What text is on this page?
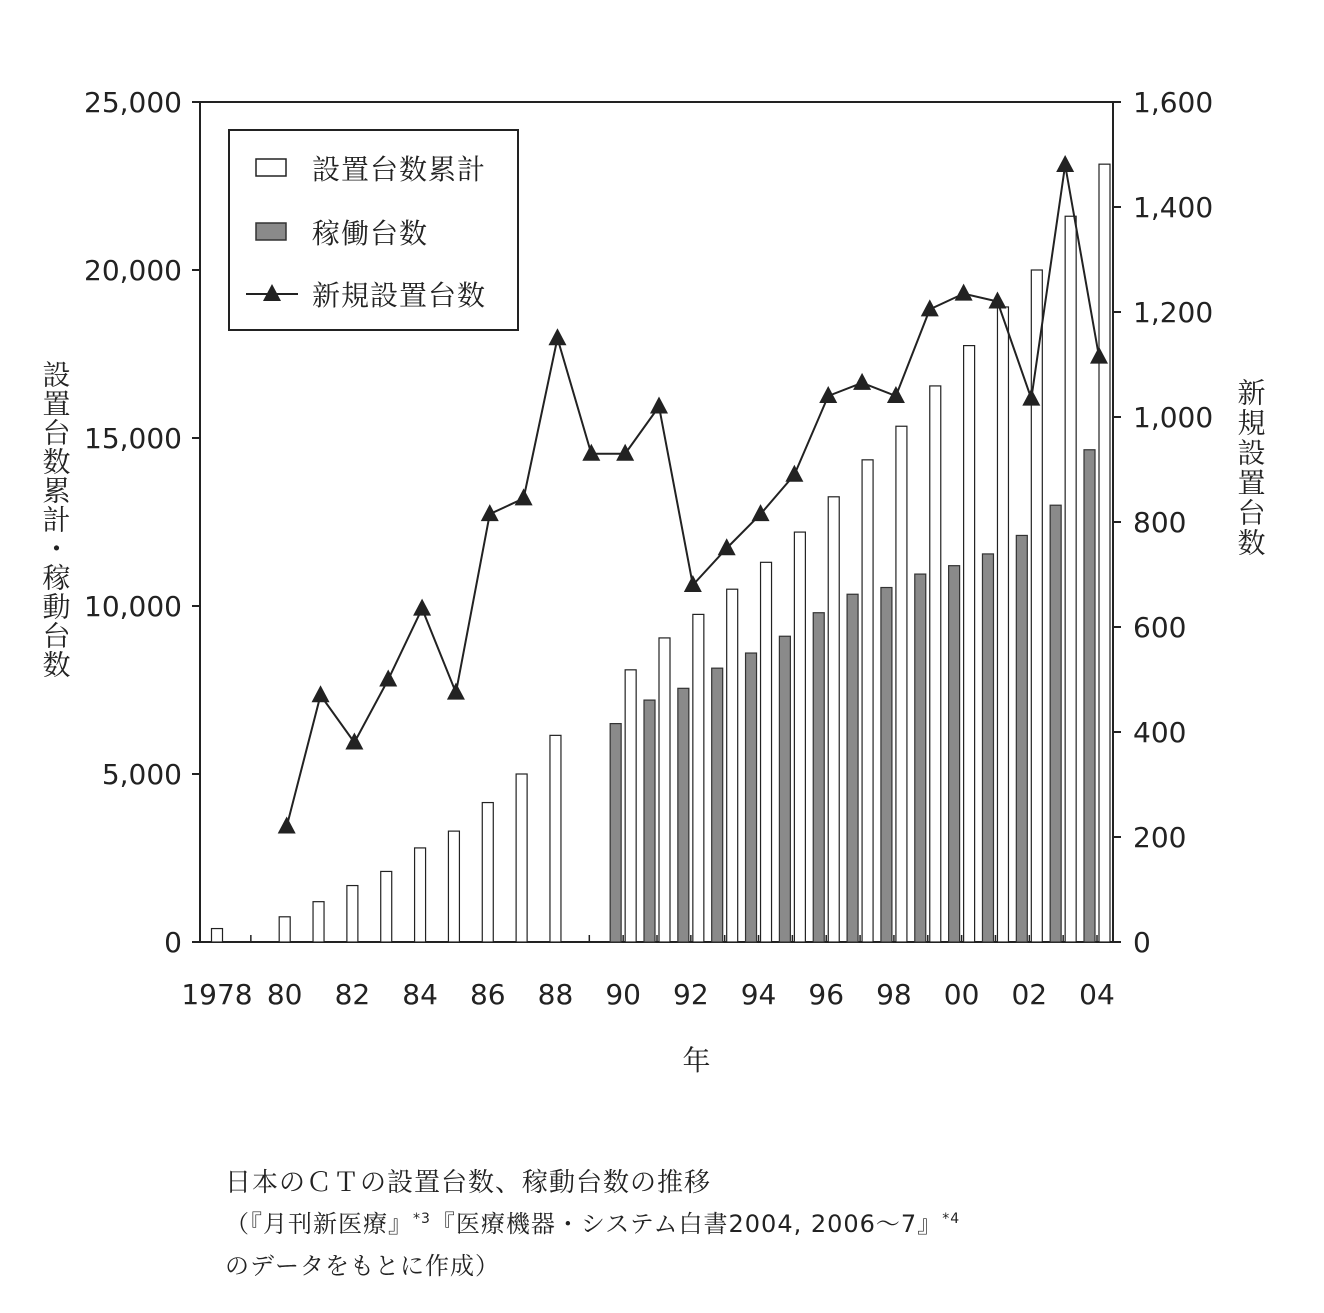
0
5,000
10,000
15,000
20,000
25,000
0
200
400
600
800
1,000
1,200
1,400
1,600
1978 80 82 84 86 88 90 92 94 96 98 00 02 04
年
設置台数累計・稼動台数	新規設置台数
設置台数累計
稼働台数
新規設置台数
日本のＣＴの設置台数、稼動台数の推移
（『月刊新医療』$^{*3}$『医療機器・システム白書2004, 2006～7』$^{*4}$
のデータをもとに作成）
